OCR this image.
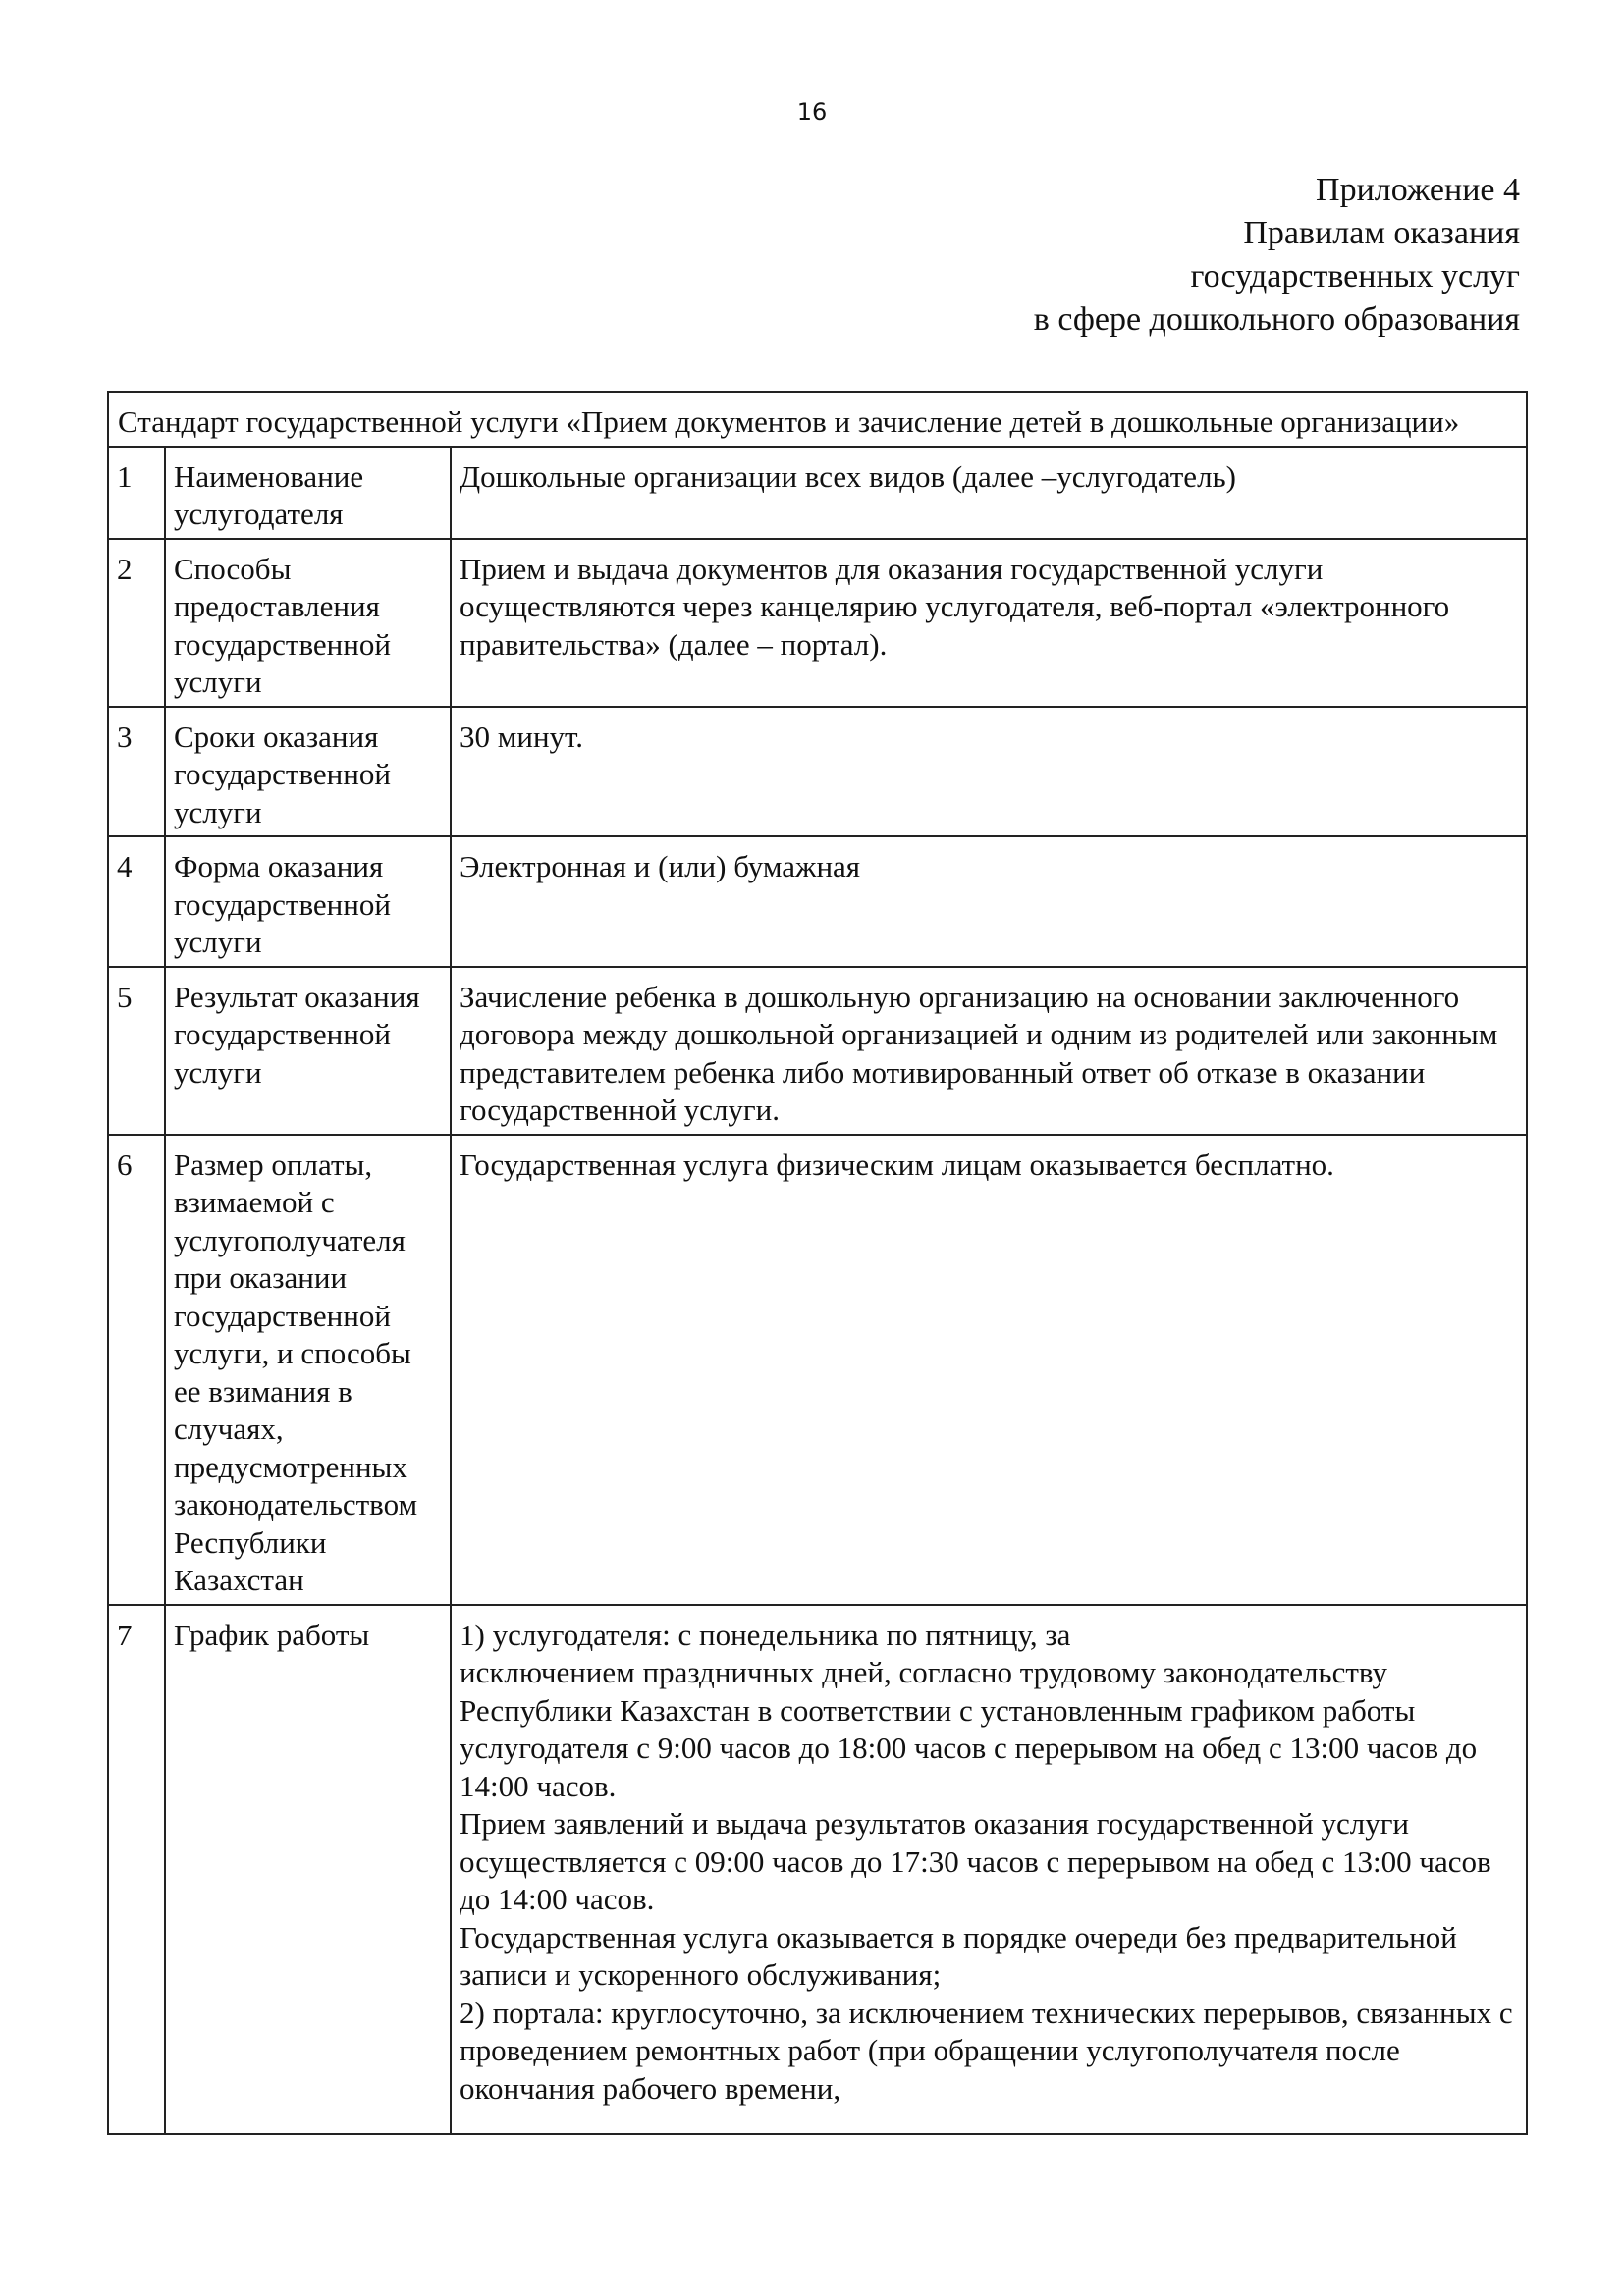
16
Приложение 4
Правилам оказания
государственных услуг
в сфере дошкольного образования
Стандарт государственной услуги «Прием документов и зачисление детей в дошкольные организации»		
1	Наименование услугодателя	Дошкольные организации всех видов (далее –услугодатель)

2	Способы предоставления государственной услуги	Прием и выдача документов для оказания государственной услуги осуществляются через канцелярию услугодателя, веб-портал «электронного правительства» (далее – портал).

3	Сроки оказания государственной услуги	30 минут.

4	Форма оказания государственной услуги	Электронная и (или) бумажная

5	Результат оказания государственной услуги	Зачисление ребенка в дошкольную организацию на основании заключенного договора между дошкольной организацией и одним из родителей или законным представителем ребенка либо мотивированный ответ об отказе в оказании государственной услуги.

6	Размер оплаты, взимаемой с услугополучателя при оказании государственной услуги, и способы ее взимания в случаях, предусмотренных законодательством Республики Казахстан	Государственная услуга физическим лицам оказывается бесплатно.

7	График работы	1) услугодателя: с понедельника по пятницу, за
исключением праздничных дней, согласно трудовому законодательству Республики Казахстан в соответствии с установленным графиком работы услугодателя с 9:00 часов до 18:00 часов с перерывом на обед с 13:00 часов до 14:00 часов.
Прием заявлений и выдача результатов оказания государственной услуги осуществляется с 09:00 часов до 17:30 часов с перерывом на обед с 13:00 часов до 14:00 часов.
Государственная услуга оказывается в порядке очереди без предварительной записи и ускоренного обслуживания;
2) портала: круглосуточно, за исключением технических перерывов, связанных с проведением ремонтных работ (при обращении услугополучателя после окончания рабочего времени,
